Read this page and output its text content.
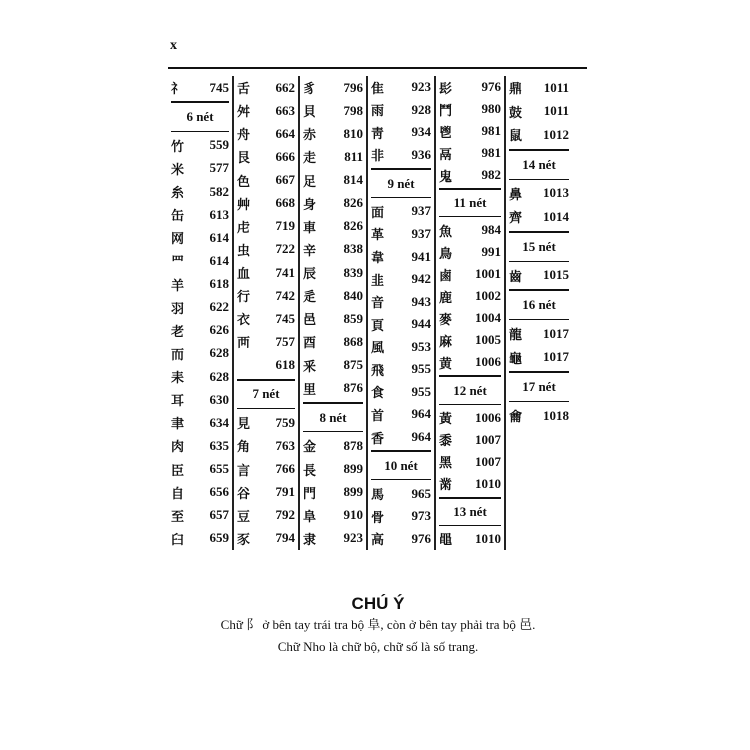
x
礻 745
6 nét
竹 559
米 577
糸 582
缶 613
网 614
罒 614
羊 618
羽 622
老 626
而 628
耒 628
耳 630
聿 634
肉 635
臣 655
自 656
至 657
臼 659
舌 662
舛 663
舟 664
艮 666
色 667
艸 668
虍 719
虫 722
血 741
行 742
衣 745
襾 757
618
7 nét
見 759
角 763
言 766
谷 791
豆 792
豕 794
豸 796
貝 798
赤 810
走 811
足 814
身 826
車 826
辛 838
辰 839
辵 840
邑 859
酉 868
釆 875
里 876
8 nét
金 878
長 899
門 899
阜 910
隶 923
隹 923
雨 928
靑 934
非 936
9 nét
面 937
革 937
韋 941
韭 942
音 943
頁 944
風 953
飛 955
食 955
首 964
香 964
10 nét
馬 965
骨 973
高 976
髟 976
鬥 980
鬯 981
鬲 981
鬼 982
11 nét
魚 984
鳥 991
鹵 1001
鹿 1002
麥 1004
麻 1005
黄 1006
12 nét
黃 1006
黍 1007
黑 1007
黹 1010
13 nét
黽 1010
鼎 1011
鼓 1011
鼠 1012
14 nét
鼻 1013
齊 1014
15 nét
齒 1015
16 nét
龍 1017
龜 1017
17 nét
龠 1018
CHÚ Ý
Chữ 阝 ở bên tay trái tra bộ 阜, còn ở bên tay phải tra bộ 邑.
Chữ Nho là chữ bộ, chữ số là số trang.
